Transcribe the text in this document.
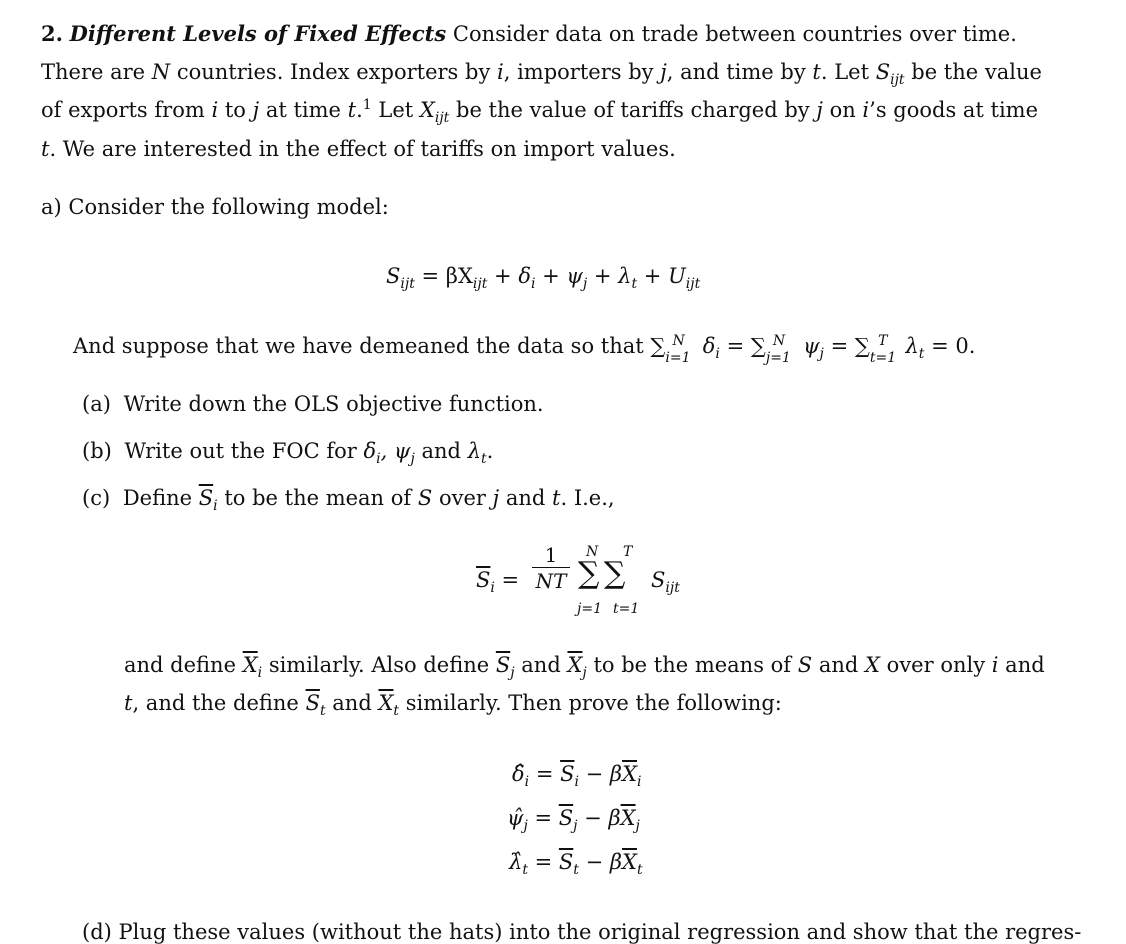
2. Different Levels of Fixed Effects Consider data on trade between countries over time.
There are N countries. Index exporters by i, importers by j, and time by t. Let $S_{ijt}$ be the value
of exports from i to j at time t.$^1$ Let $X_{ijt}$ be the value of tariffs charged by j on i’s goods at time
t. We are interested in the effect of tariffs on import values.
a) Consider the following model:
$S_{ijt} = \beta X_{ijt} + \delta_i + \psi_j + \lambda_t + U_{ijt}$
And suppose that we have demeaned the data so that $\sum_{i=1}^N$ $\delta_i = \sum_{j=1}^N$ $\psi_j = \sum_{t=1}^T$ $\lambda_t = 0$.
(a) Write down the OLS objective function.
(b) Write out the FOC for $\delta_i$, $\psi_j$ and $\lambda_t$.
(c) Define $\overline{S}_i$ to be the mean of S over j and t. I.e.,
$\overline{S}_i = \frac{1}{NT}$ ∑ ∑
N
j=1
T
t=1
$S_{ijt}$
and define $\overline{X}_i$ similarly. Also define $\overline{S}_j$ and $\overline{X}_j$ to be the means of S and X over only i and
t, and the define $\overline{S}_t$ and $\overline{X}_t$ similarly. Then prove the following:
$\deltâ_i = \overline{S}_i - \beta\overline{X}_i$
$\psî_j = \overline{S}_j - \beta\overline{X}_j$
$\lambdâ_t = \overline{S}_t - \beta\overline{X}_t$
(d) Plug these values (without the hats) into the original regression and show that the regres-
